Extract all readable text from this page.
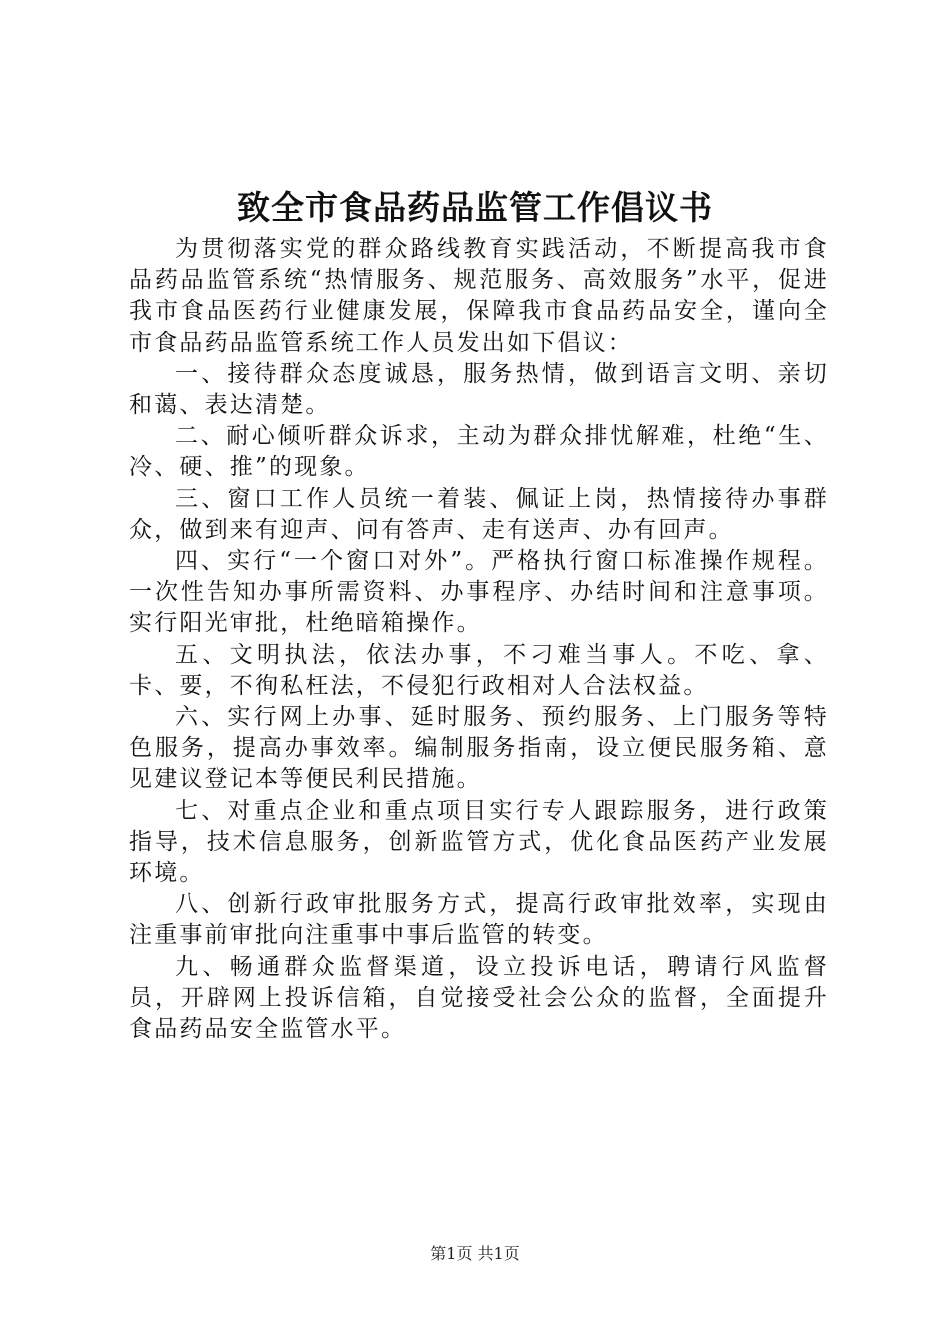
致全市食品药品监管工作倡议书

为贯彻落实党的群众路线教育实践活动，不断提高我市食品药品监管系统“热情服务、规范服务、高效服务”水平，促进我市食品医药行业健康发展，保障我市食品药品安全，谨向全市食品药品监管系统工作人员发出如下倡议：

一、接待群众态度诚恳，服务热情，做到语言文明、亲切和蔼、表达清楚。

二、耐心倾听群众诉求，主动为群众排忧解难，杜绝“生、冷、硬、推”的现象。

三、窗口工作人员统一着装、佩证上岗，热情接待办事群众，做到来有迎声、问有答声、走有送声、办有回声。

四、实行“一个窗口对外”。严格执行窗口标准操作规程。一次性告知办事所需资料、办事程序、办结时间和注意事项。实行阳光审批，杜绝暗箱操作。

五、文明执法，依法办事，不刁难当事人。不吃、拿、卡、要，不徇私枉法，不侵犯行政相对人合法权益。

六、实行网上办事、延时服务、预约服务、上门服务等特色服务，提高办事效率。编制服务指南，设立便民服务箱、意见建议登记本等便民利民措施。

七、对重点企业和重点项目实行专人跟踪服务，进行政策指导，技术信息服务，创新监管方式，优化食品医药产业发展环境。

八、创新行政审批服务方式，提高行政审批效率，实现由注重事前审批向注重事中事后监管的转变。

九、畅通群众监督渠道，设立投诉电话，聘请行风监督员，开辟网上投诉信箱，自觉接受社会公众的监督，全面提升食品药品安全监管水平。

第1页 共1页
